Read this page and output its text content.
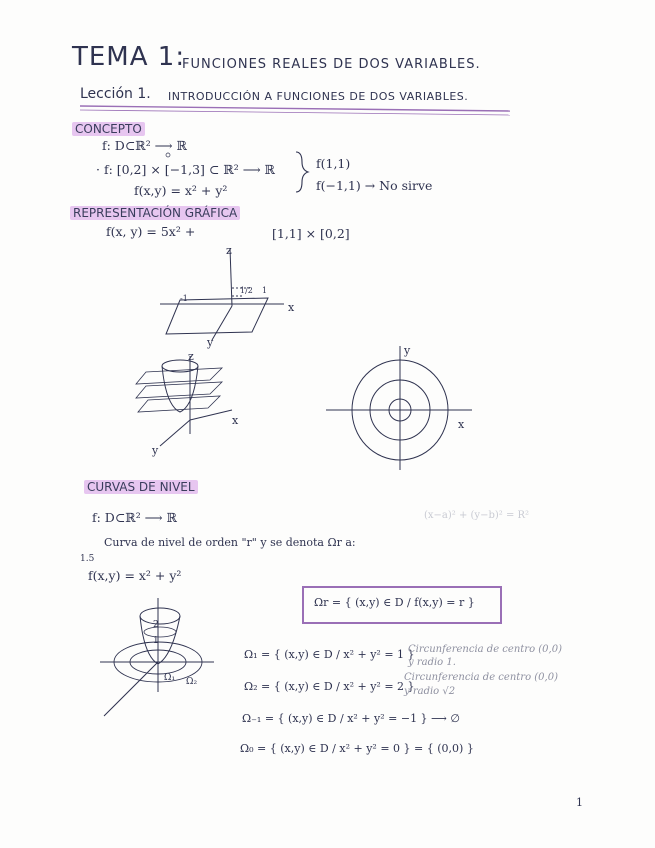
TEMA 1:
FUNCIONES REALES DE DOS VARIABLES.
Lección 1. INTRODUCCIÓN A FUNCIONES DE DOS VARIABLES.
CONCEPTO
f: D⊂ℝ² ⟶ ℝ
· f: [0,2] × [−1,3] ⊂ ℝ² ⟶ ℝ
f(x,y) = x² + y²
f(1,1)
f(−1,1) → No sirve
REPRESENTACIÓN GRÁFICA
f(x, y) = 5x² +	[1,1] × [0,2]
z
x
y
-1
1/2 1
z
x
y
y
x
CURVAS DE NIVEL
f: D⊂ℝ² ⟶ ℝ	(x−a)² + (y−b)² = R²
Curva de nivel de orden "r" y se denota Ωr a:
1.5
f(x,y) = x² + y²
Ωr = { (x,y) ∈ D / f(x,y) = r }
Ω₁ = { (x,y) ∈ D / x² + y² = 1 }
Circunferencia de centro (0,0)
y radio 1.
Ω₂ = { (x,y) ∈ D / x² + y² = 2 }
Circunferencia de centro (0,0)
y radio √2
Ω₋₁ = { (x,y) ∈ D / x² + y² = −1 } ⟶ ∅
Ω₀ = { (x,y) ∈ D / x² + y² = 0 } = { (0,0) }
2
1
Ω₁ Ω₂
1
